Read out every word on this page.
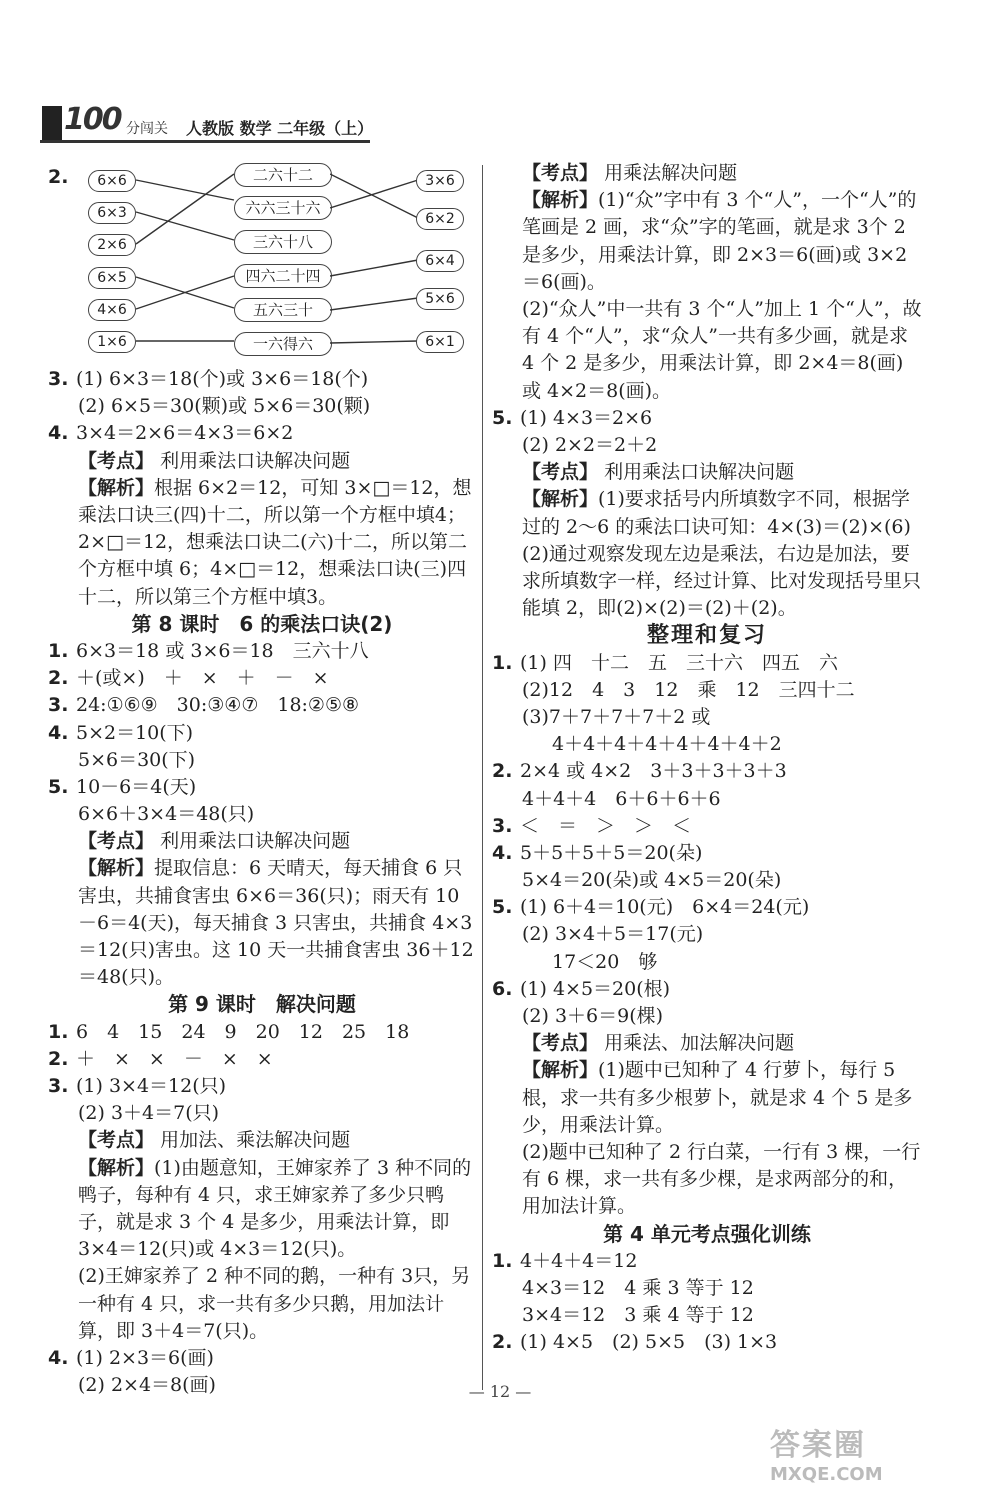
100 分闯关 人教版 数学 二年级（上）
2.	6×6
6×3
2×6
6×5
4×6
1×6
二六十二
六六三十六
三六十八
四六二十四
五六三十
一六得六
3. (1) 6×3＝18(个)或 3×6＝18(个)
(2) 6×5＝30(颗)或 5×6＝30(颗)
4. 3×4＝2×6＝4×3＝6×2
【考点】 利用乘法口诀解决问题
【解析】根据 6×2＝12，可知 3×□＝12，想乘法口诀三(四)十二，所以第一个方框中填4；2×□＝12，想乘法口诀二(六)十二，所以第二个方框中填 6；4×□＝12，想乘法口诀(三)四十二，所以第三个方框中填3。
第 8 课时　6 的乘法口诀(2)
1. 6×3＝18 或 3×6＝18　三六十八
2. ＋(或×)　＋　×　＋　－　×
3. 24:①⑥⑨　30:③④⑦　18:②⑤⑧
4. 5×2＝10(下)
5×6＝30(下)
5. 10－6＝4(天)
6×6＋3×4＝48(只)
【考点】 利用乘法口诀解决问题
【解析】提取信息：6 天晴天，每天捕食 6 只害虫，共捕食害虫 6×6＝36(只)；雨天有 10－6＝4(天)，每天捕食 3 只害虫，共捕食 4×3＝12(只)害虫。这 10 天一共捕食害虫 36＋12＝48(只)。
第 9 课时　解决问题
1. 6　4　15　24　9　20　12　25　18
2. ＋　×　×　－　×　×
3. (1) 3×4＝12(只)
(2) 3＋4＝7(只)
【考点】 用加法、乘法解决问题
【解析】(1)由题意知，王婶家养了 3 种不同的鸭子，每种有 4 只，求王婶家养了多少只鸭子，就是求 3 个 4 是多少，用乘法计算，即 3×4＝12(只)或 4×3＝12(只)。
(2)王婶家养了 2 种不同的鹅，一种有 3只，另一种有 4 只，求一共有多少只鹅，用加法计算，即 3＋4＝7(只)。
4. (1) 2×3＝6(画)
(2) 2×4＝8(画)
3×6
6×2
6×4
5×6
6×1
【考点】 用乘法解决问题
【解析】(1)“众”字中有 3 个“人”，一个“人”的笔画是 2 画，求“众”字的笔画，就是求 3个 2 是多少，用乘法计算，即 2×3＝6(画)或 3×2＝6(画)。
(2)“众人”中一共有 3 个“人”加上 1 个“人”，故有 4 个“人”，求“众人”一共有多少画，就是求 4 个 2 是多少，用乘法计算，即 2×4＝8(画)或 4×2＝8(画)。
5. (1) 4×3＝2×6
(2) 2×2＝2＋2
【考点】 利用乘法口诀解决问题
【解析】(1)要求括号内所填数字不同，根据学过的 2～6 的乘法口诀可知：4×(3)＝(2)×(6)
(2)通过观察发现左边是乘法，右边是加法，要求所填数字一样，经过计算、比对发现括号里只能填 2，即(2)×(2)＝(2)＋(2)。
整理和复习
1. (1) 四　十二　五　三十六　四五　六
(2)12　4　3　12　乘　12　三四十二
(3)7＋7＋7＋7＋2 或
4＋4＋4＋4＋4＋4＋4＋2
2. 2×4 或 4×2　3＋3＋3＋3＋3
4＋4＋4　6＋6＋6＋6
3. ＜　＝　＞　＞　＜
4. 5＋5＋5＋5＝20(朵)
5×4＝20(朵)或 4×5＝20(朵)
5. (1) 6＋4＝10(元)　6×4＝24(元)
(2) 3×4＋5＝17(元)
17＜20　够
6. (1) 4×5＝20(根)
(2) 3＋6＝9(棵)
【考点】 用乘法、加法解决问题
【解析】(1)题中已知种了 4 行萝卜，每行 5根，求一共有多少根萝卜，就是求 4 个 5 是多少，用乘法计算。
(2)题中已知种了 2 行白菜，一行有 3 棵，一行有 6 棵，求一共有多少棵，是求两部分的和，用加法计算。
第 4 单元考点强化训练
1. 4＋4＋4＝12
4×3＝12　4 乘 3 等于 12
3×4＝12　3 乘 4 等于 12
2. (1) 4×5　(2) 5×5　(3) 1×3
— 12 —
答案圈
MXQE.COM
